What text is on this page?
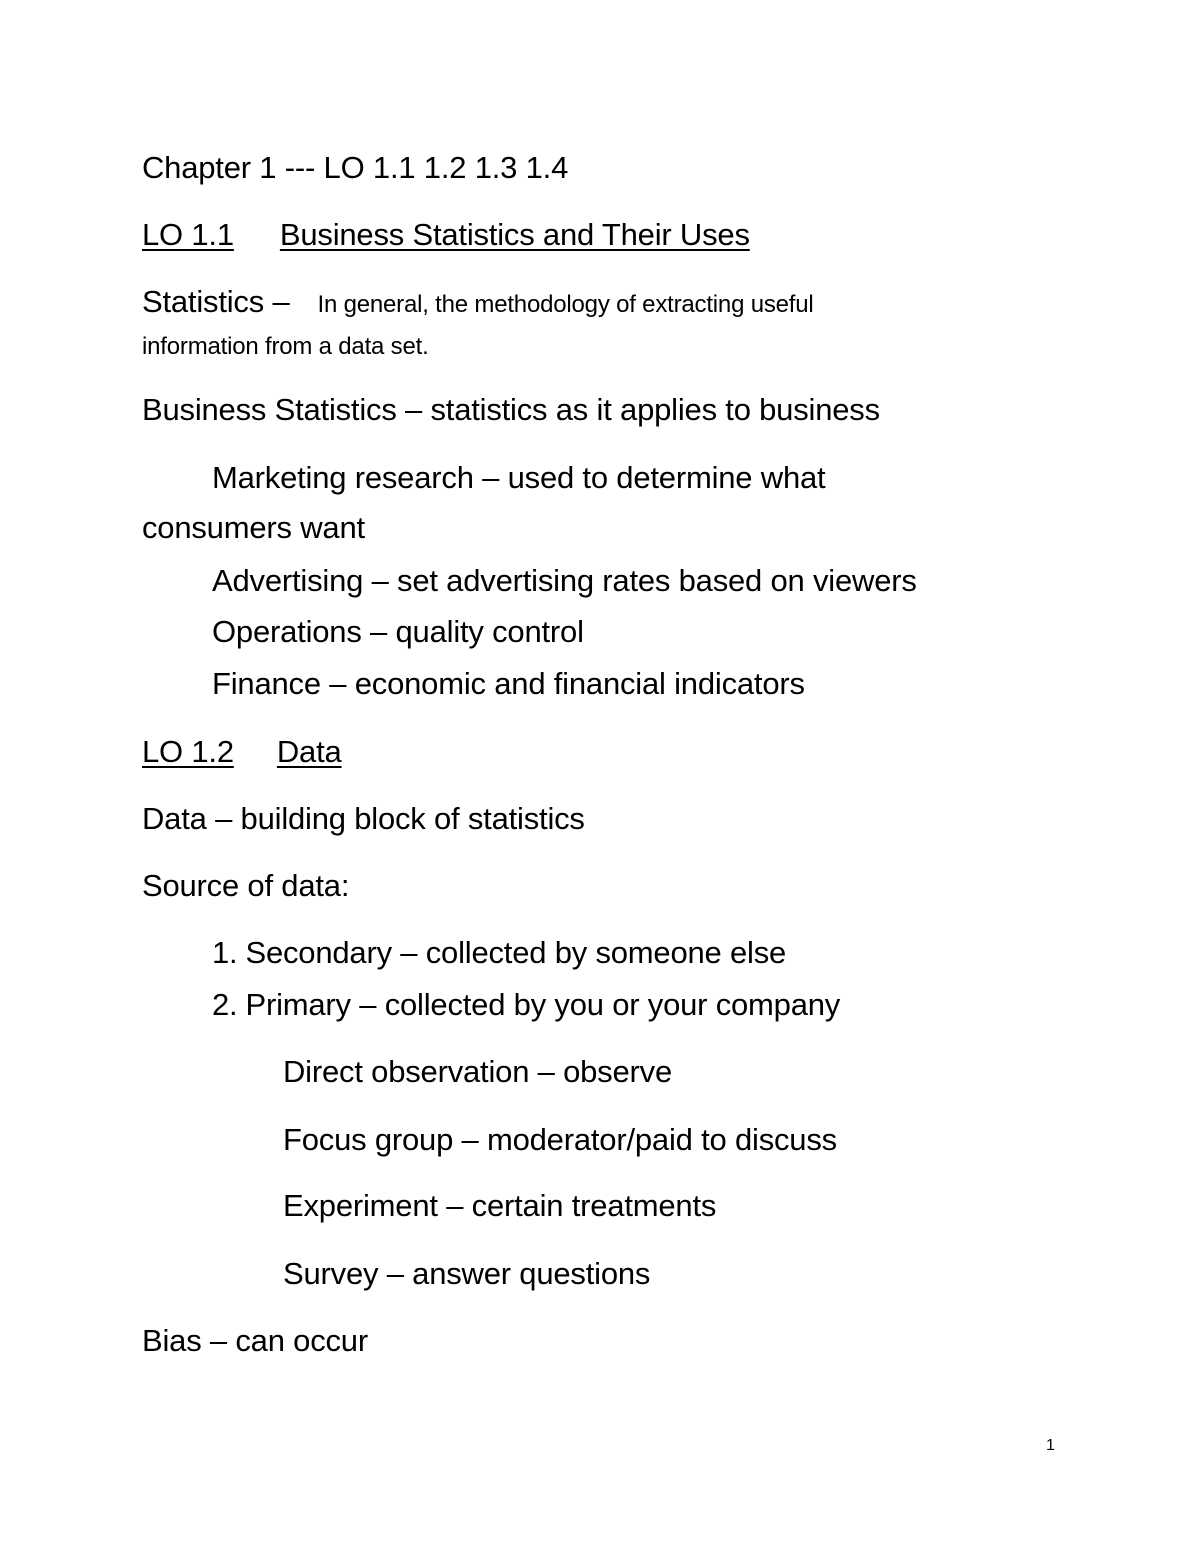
Chapter 1 --- LO 1.1 1.2 1.3 1.4
LO 1.1 Business Statistics and Their Uses
Statistics – In general, the methodology of extracting useful
information from a data set.
Business Statistics – statistics as it applies to business
Marketing research – used to determine what
consumers want
Advertising – set advertising rates based on viewers
Operations – quality control
Finance – economic and financial indicators
LO 1.2 Data
Data – building block of statistics
Source of data:
1. Secondary – collected by someone else
2. Primary – collected by you or your company
Direct observation – observe
Focus group – moderator/paid to discuss
Experiment – certain treatments
Survey – answer questions
Bias – can occur
1
